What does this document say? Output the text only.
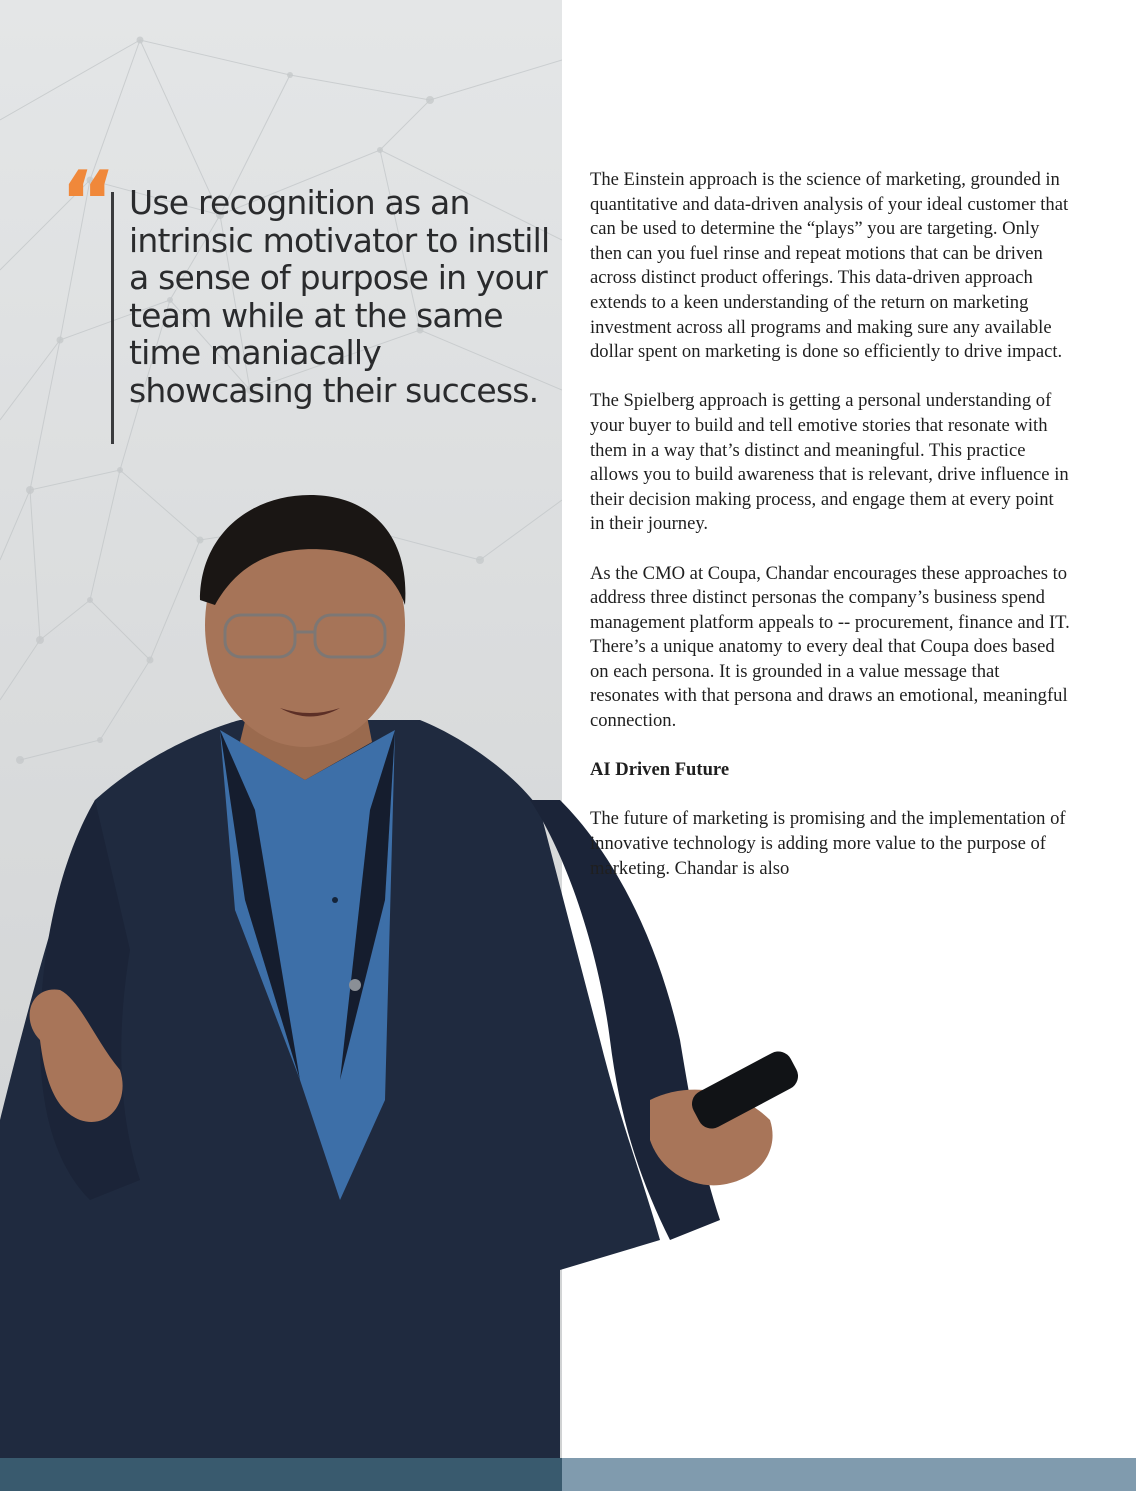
“ Use recognition as an intrinsic motivator to instill a sense of purpose in your team while at the same time maniacally showcasing their success.

The Einstein approach is the science of marketing, grounded in quantitative and data-driven analysis of your ideal customer that can be used to determine the “plays” you are targeting. Only then can you fuel rinse and repeat motions that can be driven across distinct product offerings. This data-driven approach extends to a keen understanding of the return on marketing investment across all programs and making sure any available dollar spent on marketing is done so efficiently to drive impact.

The Spielberg approach is getting a personal understanding of your buyer to build and tell emotive stories that resonate with them in a way that’s distinct and meaningful. This practice allows you to build awareness that is relevant, drive influence in their decision making process, and engage them at every point in their journey.

As the CMO at Coupa, Chandar encourages these approaches to address three distinct personas the company’s business spend management platform appeals to -- procurement, finance and IT. There’s a unique anatomy to every deal that Coupa does based on each persona. It is grounded in a value message that resonates with that persona and draws an emotional, meaningful connection.

AI Driven Future

The future of marketing is promising and the implementation of innovative technology is adding more value to the purpose of marketing. Chandar is also
